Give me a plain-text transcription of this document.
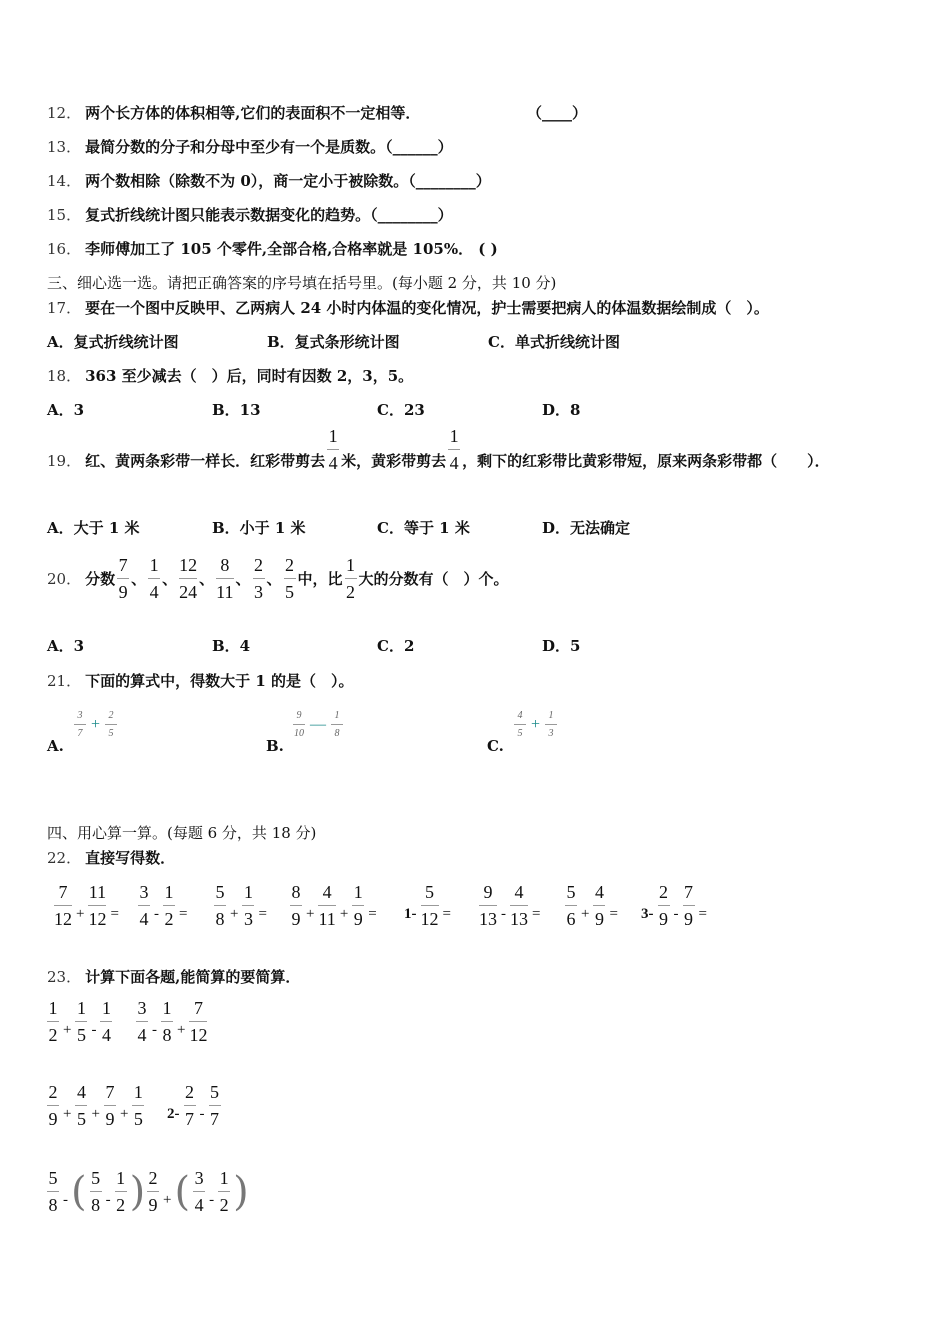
12． 两个长方体的体积相等,它们的表面积不一定相等．	（____）
13． 最简分数的分子和分母中至少有一个是质数。（______）
14． 两个数相除（除数不为 0），商一定小于被除数。（________）
15． 复式折线统计图只能表示数据变化的趋势。（________）
16． 李师傅加工了 105 个零件,全部合格,合格率就是 105%． ( )
三、细心选一选。请把正确答案的序号填在括号里。(每小题 2 分，共 10 分)
17． 要在一个图中反映甲、乙两病人 24 小时内体温的变化情况，护士需要把病人的体温数据绘制成（　）。
A．复式折线统计图	B．复式条形统计图	C．单式折线统计图
18． 363 至少减去（　）后，同时有因数 2，3，5。
A．3	B．13	C．23	D．8
19． 红、黄两条彩带一样长．红彩带剪去
1
4 米，黄彩带剪去
1
4 ，剩下的红彩带比黄彩带短，原来两条彩带都（　　）．
A．大于 1 米	B．小于 1 米	C．等于 1 米	D．无法确定
20． 分数
7
9
、
1
4
、
12
24
、
8
11
、
2
3
、
2
5
中，比
1
2
大的分数有（　）个。
A．3	B．4	C．2	D．5
21． 下面的算式中，得数大于 1 的是（　）。
A.
3
7
+ 2
5
B.
9
10
— 1
8
C.
4
5
+ 1
3
四、用心算一算。(每题 6 分，共 18 分)
22． 直接写得数．
7
12 +
11
12 =
3
4 -
1
2 =
5
8 +
1
3 =
8
9 +
4
11 +
1
9 = 1-
5
12 =
9
13 -
4
13 =
5
6 +
4
9 = 3-
2
9 -
7
9 =
23． 计算下面各题,能简算的要简算．
1
2 +
1
5 -
1
4
3
4 -
1
8 +
7
12
2
9 +
4
5 +
7
9 +
1
5 2-
2
7 -
5
7
5
8 - ( 5
8 -
1
2 ) 2
9 + ( 3
4 -
1
2 )
